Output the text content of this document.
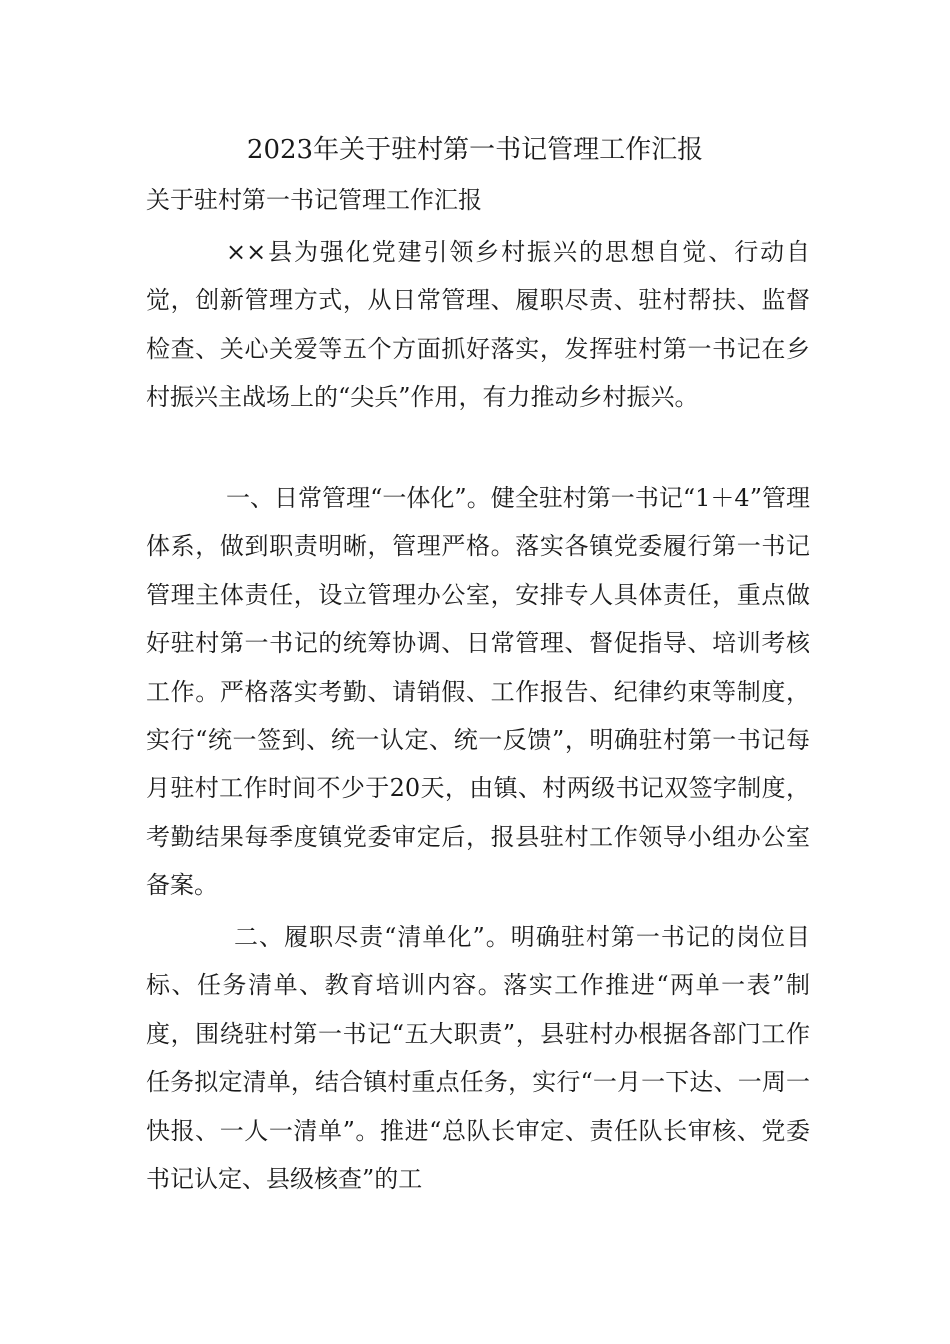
2023年关于驻村第一书记管理工作汇报

关于驻村第一书记管理工作汇报

××县为强化党建引领乡村振兴的思想自觉、行动自觉，创新管理方式，从日常管理、履职尽责、驻村帮扶、监督检查、关心关爱等五个方面抓好落实，发挥驻村第一书记在乡村振兴主战场上的“尖兵”作用，有力推动乡村振兴。

一、日常管理“一体化”。健全驻村第一书记“1＋4”管理体系，做到职责明晰，管理严格。落实各镇党委履行第一书记管理主体责任，设立管理办公室，安排专人具体责任，重点做好驻村第一书记的统筹协调、日常管理、督促指导、培训考核工作。严格落实考勤、请销假、工作报告、纪律约束等制度，实行“统一签到、统一认定、统一反馈”，明确驻村第一书记每月驻村工作时间不少于20天，由镇、村两级书记双签字制度，考勤结果每季度镇党委审定后，报县驻村工作领导小组办公室备案。

二、履职尽责“清单化”。明确驻村第一书记的岗位目标、任务清单、教育培训内容。落实工作推进“两单一表”制度，围绕驻村第一书记“五大职责”，县驻村办根据各部门工作任务拟定清单，结合镇村重点任务，实行“一月一下达、一周一快报、一人一清单”。推进“总队长审定、责任队长审核、党委书记认定、县级核查”的工
